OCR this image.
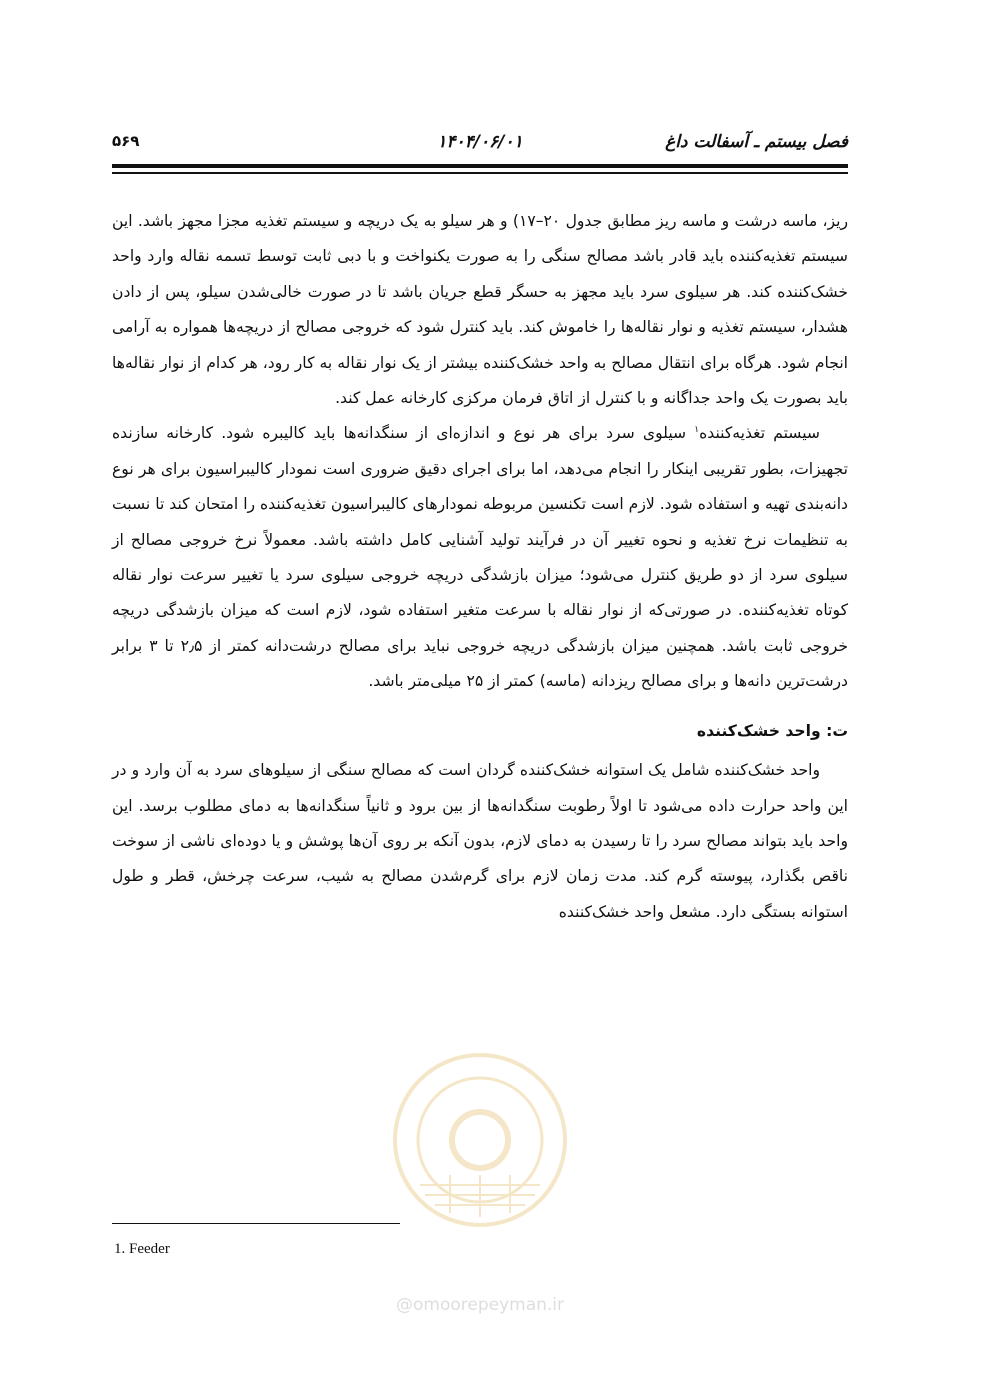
فصل بیستم ـ آسفالت داغ
۱۴۰۴/۰۶/۰۱
۵۶۹

ریز، ماسه درشت و ماسه ریز مطابق جدول ۲۰–۱۷) و هر سیلو به یک دریچه و سیستم تغذیه مجزا مجهز باشد. این سیستم تغذیه‌کننده باید قادر باشد مصالح سنگی را به صورت یکنواخت و با دبی ثابت توسط تسمه نقاله وارد واحد خشک‌کننده کند. هر سیلوی سرد باید مجهز به حسگر قطع جریان باشد تا در صورت خالی‌شدن سیلو، پس از دادن هشدار، سیستم تغذیه و نوار نقاله‌ها را خاموش کند. باید کنترل شود که خروجی مصالح از دریچه‌ها همواره به آرامی انجام شود. هرگاه برای انتقال مصالح به واحد خشک‌کننده بیشتر از یک نوار نقاله به کار رود، هر کدام از نوار نقاله‌ها باید بصورت یک واحد جداگانه و با کنترل از اتاق فرمان مرکزی کارخانه عمل کند.

سیستم تغذیه‌کننده$^۱$ سیلوی سرد برای هر نوع و اندازه‌ای از سنگدانه‌ها باید کالیبره شود. کارخانه سازنده تجهیزات، بطور تقریبی اینکار را انجام می‌دهد، اما برای اجرای دقیق ضروری است نمودار کالیبراسیون برای هر نوع دانه‌بندی تهیه و استفاده شود. لازم است تکنسین مربوطه نمودارهای کالیبراسیون تغذیه‌کننده را امتحان کند تا نسبت به تنظیمات نرخ تغذیه و نحوه تغییر آن در فرآیند تولید آشنایی کامل داشته باشد. معمولاً نرخ خروجی مصالح از سیلوی سرد از دو طریق کنترل می‌شود؛ میزان بازشدگی دریچه خروجی سیلوی سرد یا تغییر سرعت نوار نقاله کوتاه تغذیه‌کننده. در صورتی‌که از نوار نقاله با سرعت متغیر استفاده شود، لازم است که میزان بازشدگی دریچه خروجی ثابت باشد. همچنین میزان بازشدگی دریچه خروجی نباید برای مصالح درشت‌دانه کمتر از ۲٫۵ تا ۳ برابر درشت‌ترین دانه‌ها و برای مصالح ریزدانه (ماسه) کمتر از ۲۵ میلی‌متر باشد.

ت: واحد خشک‌کننده

واحد خشک‌کننده شامل یک استوانه خشک‌کننده گردان است که مصالح سنگی از سیلوهای سرد به آن وارد و در این واحد حرارت داده می‌شود تا اولاً رطوبت سنگدانه‌ها از بین برود و ثانیاً سنگدانه‌ها به دمای مطلوب برسد. این واحد باید بتواند مصالح سرد را تا رسیدن به دمای لازم، بدون آنکه بر روی آن‌ها پوشش و یا دوده‌ای ناشی از سوخت ناقص بگذارد، پیوسته گرم کند. مدت زمان لازم برای گرم‌شدن مصالح به شیب، سرعت چرخش، قطر و طول استوانه بستگی دارد. مشعل واحد خشک‌کننده

@omoorepeyman.ir
1. Feeder
